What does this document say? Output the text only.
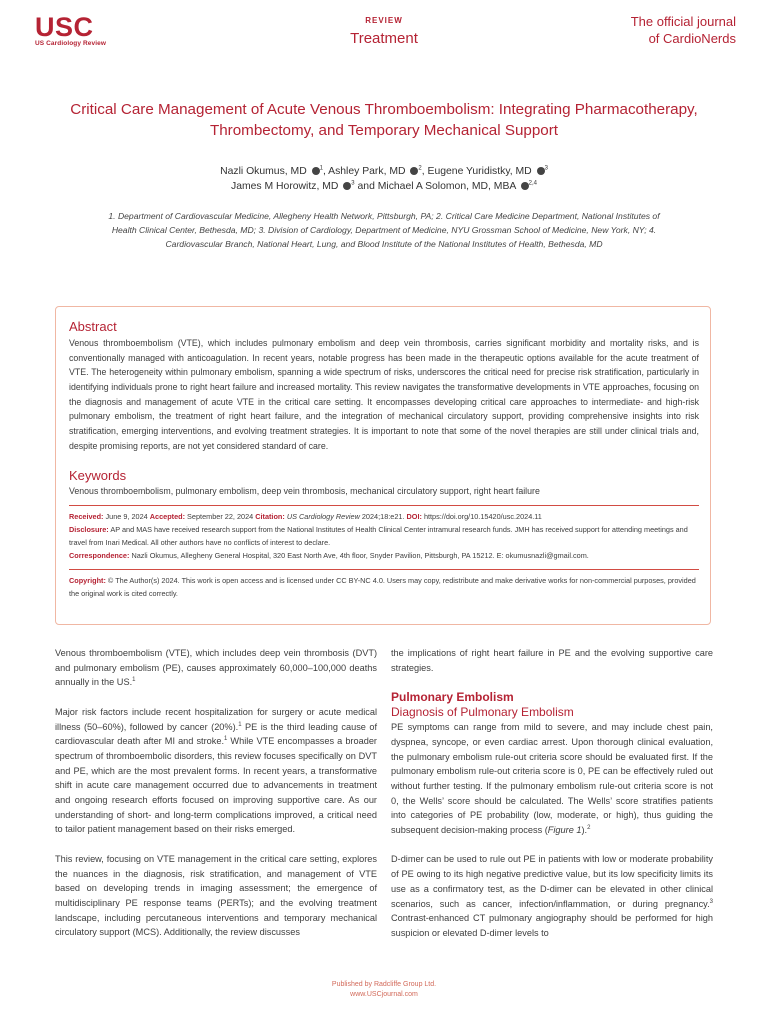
USC
US Cardiology Review
REVIEW
Treatment
The official journal
of CardioNerds
Critical Care Management of Acute Venous Thromboembolism: Integrating Pharmacotherapy, Thrombectomy, and Temporary Mechanical Support
Nazli Okumus, MD $^1$, Ashley Park, MD $^2$, Eugene Yuridistky, MD $^3$
James M Horowitz, MD $^3$ and Michael A Solomon, MD, MBA $^{2,4}$
1. Department of Cardiovascular Medicine, Allegheny Health Network, Pittsburgh, PA; 2. Critical Care Medicine Department, National Institutes of Health Clinical Center, Bethesda, MD; 3. Division of Cardiology, Department of Medicine, NYU Grossman School of Medicine, New York, NY; 4. Cardiovascular Branch, National Heart, Lung, and Blood Institute of the National Institutes of Health, Bethesda, MD
Abstract
Venous thromboembolism (VTE), which includes pulmonary embolism and deep vein thrombosis, carries significant morbidity and mortality risks, and is conventionally managed with anticoagulation. In recent years, notable progress has been made in the therapeutic options available for the acute treatment of VTE. The heterogeneity within pulmonary embolism, spanning a wide spectrum of risks, underscores the critical need for precise risk stratification, particularly in identifying individuals prone to right heart failure and increased mortality. This review navigates the transformative developments in VTE approaches, focusing on the diagnosis and management of acute VTE in the critical care setting. It encompasses developing critical care approaches to intermediate- and high-risk pulmonary embolism, the treatment of right heart failure, and the integration of mechanical circulatory support, providing comprehensive insights into risk stratification, emerging interventions, and evolving treatment strategies. It is important to note that some of the novel therapies are still under clinical trials and, despite promising reports, are not yet considered standard of care.
Keywords
Venous thromboembolism, pulmonary embolism, deep vein thrombosis, mechanical circulatory support, right heart failure
Received: June 9, 2024 Accepted: September 22, 2024 Citation: US Cardiology Review 2024;18:e21. DOI: https://doi.org/10.15420/usc.2024.11
Disclosure: AP and MAS have received research support from the National Institutes of Health Clinical Center intramural research funds. JMH has received support for attending meetings and travel from Inari Medical. All other authors have no conflicts of interest to declare.
Correspondence: Nazli Okumus, Allegheny General Hospital, 320 East North Ave, 4th floor, Snyder Pavilion, Pittsburgh, PA 15212. E: okumusnazli@gmail.com.
Copyright: © The Author(s) 2024. This work is open access and is licensed under CC BY-NC 4.0. Users may copy, redistribute and make derivative works for non-commercial purposes, provided the original work is cited correctly.

Venous thromboembolism (VTE), which includes deep vein thrombosis (DVT) and pulmonary embolism (PE), causes approximately 60,000–100,000 deaths annually in the US.$^1$

Major risk factors include recent hospitalization for surgery or acute medical illness (50–60%), followed by cancer (20%).$^1$ PE is the third leading cause of cardiovascular death after MI and stroke.$^1$ While VTE encompasses a broader spectrum of thromboembolic disorders, this review focuses specifically on DVT and PE, which are the most prevalent forms. In recent years, a transformative shift in acute care management occurred due to advancements in treatment and ongoing research efforts focused on improving supportive care. As our understanding of short- and long-term complications improved, a critical need to tailor patient management based on their risks emerged.

This review, focusing on VTE management in the critical care setting, explores the nuances in the diagnosis, risk stratification, and management of VTE based on developing trends in imaging assessment; the emergence of multidisciplinary PE response teams (PERTs); and the evolving treatment landscape, including percutaneous interventions and temporary mechanical circulatory support (MCS). Additionally, the review discusses

the implications of right heart failure in PE and the evolving supportive care strategies.

Pulmonary Embolism
Diagnosis of Pulmonary Embolism

PE symptoms can range from mild to severe, and may include chest pain, dyspnea, syncope, or even cardiac arrest. Upon thorough clinical evaluation, the pulmonary embolism rule-out criteria score should be evaluated first. If the pulmonary embolism rule-out criteria score is 0, PE can be effectively ruled out without further testing. If the pulmonary embolism rule-out criteria score is not 0, the Wells’ score should be calculated. The Wells’ score stratifies patients into categories of PE probability (low, moderate, or high), thus guiding the subsequent decision-making process (Figure 1).$^2$

D-dimer can be used to rule out PE in patients with low or moderate probability of PE owing to its high negative predictive value, but its low specificity limits its use as a confirmatory test, as the D-dimer can be elevated in other clinical scenarios, such as cancer, infection/inflammation, or during pregnancy.$^3$ Contrast-enhanced CT pulmonary angiography should be performed for high suspicion or elevated D-dimer levels to

Published by Radcliffe Group Ltd.
www.USCjournal.com
